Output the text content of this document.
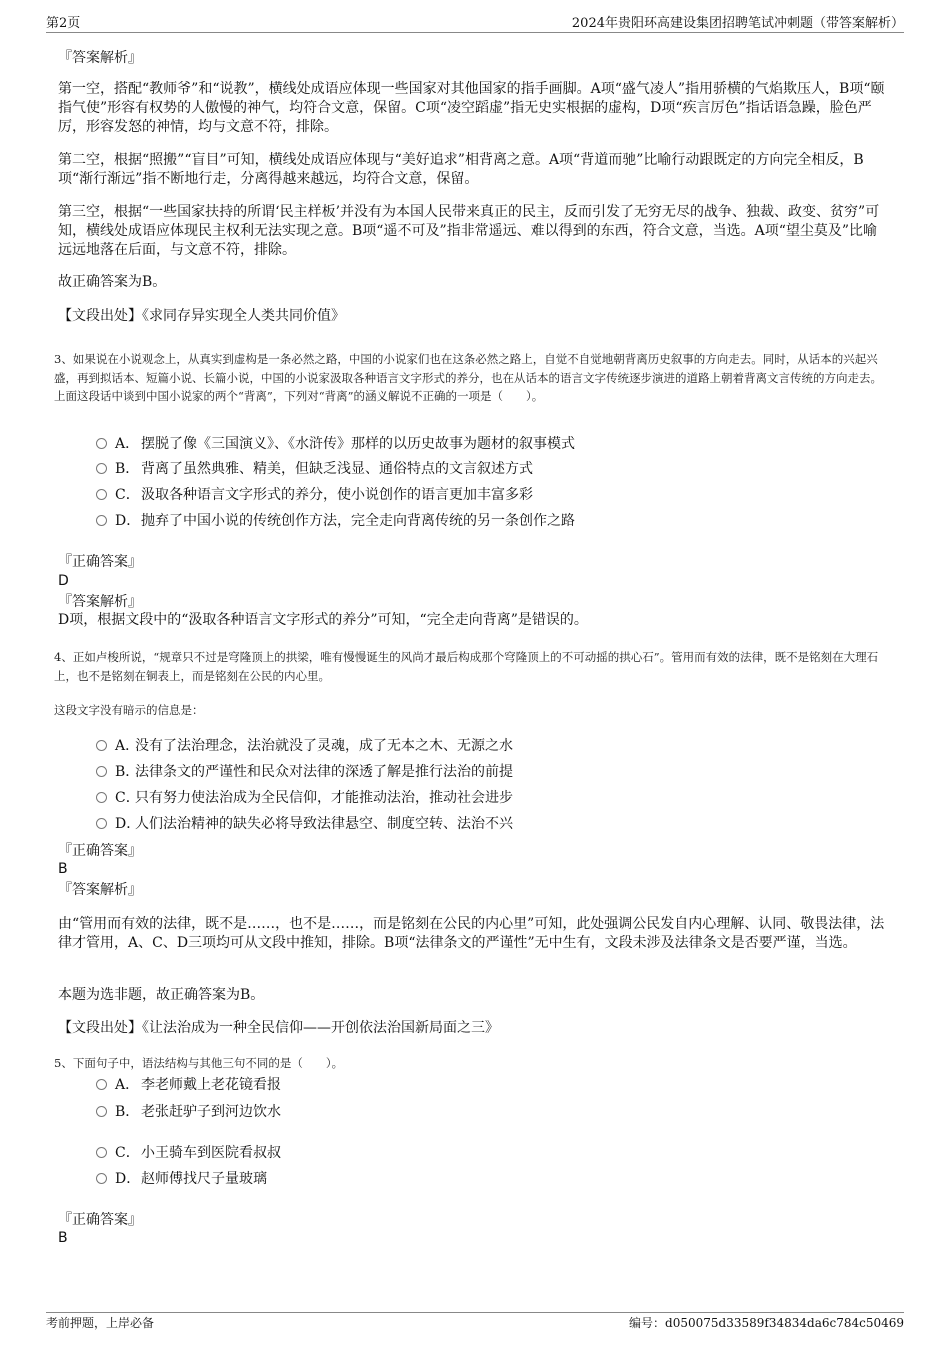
第2页	2024年贵阳环高建设集团招聘笔试冲刺题（带答案解析）

『答案解析』

第一空，搭配“教师爷”和“说教”，横线处成语应体现一些国家对其他国家的指手画脚。A项“盛气凌人”指用骄横的气焰欺压人，B项“颐指气使”形容有权势的人傲慢的神气，均符合文意，保留。C项“凌空蹈虚”指无史实根据的虚构，D项“疾言厉色”指话语急躁，脸色严厉，形容发怒的神情，均与文意不符，排除。

第二空，根据“照搬”“盲目”可知，横线处成语应体现与“美好追求”相背离之意。A项“背道而驰”比喻行动跟既定的方向完全相反，B项“渐行渐远”指不断地行走，分离得越来越远，均符合文意，保留。

第三空，根据“一些国家扶持的所谓‘民主样板’并没有为本国人民带来真正的民主，反而引发了无穷无尽的战争、独裁、政变、贫穷”可知，横线处成语应体现民主权利无法实现之意。B项“遥不可及”指非常遥远、难以得到的东西，符合文意，当选。A项“望尘莫及”比喻远远地落在后面，与文意不符，排除。

故正确答案为B。

【文段出处】《求同存异实现全人类共同价值》

3、如果说在小说观念上，从真实到虚构是一条必然之路，中国的小说家们也在这条必然之路上，自觉不自觉地朝背离历史叙事的方向走去。同时，从话本的兴起兴盛，再到拟话本、短篇小说、长篇小说，中国的小说家汲取各种语言文字形式的养分，也在从话本的语言文字传统逐步演进的道路上朝着背离文言传统的方向走去。

上面这段话中谈到中国小说家的两个“背离”，下列对“背离”的涵义解说不正确的一项是（　　）。

A． 摆脱了像《三国演义》、《水浒传》那样的以历史故事为题材的叙事模式
B． 背离了虽然典雅、精美，但缺乏浅显、通俗特点的文言叙述方式
C．汲取各种语言文字形式的养分，使小说创作的语言更加丰富多彩
D．抛弃了中国小说的传统创作方法，完全走向背离传统的另一条创作之路

『正确答案』

D

『答案解析』

D项，根据文段中的“汲取各种语言文字形式的养分”可知，“完全走向背离”是错误的。

4、正如卢梭所说，“规章只不过是穹隆顶上的拱梁，唯有慢慢诞生的风尚才最后构成那个穹隆顶上的不可动摇的拱心石”。管用而有效的法律，既不是铭刻在大理石上，也不是铭刻在铜表上，而是铭刻在公民的内心里。

这段文字没有暗示的信息是：

A．没有了法治理念，法治就没了灵魂，成了无本之木、无源之水
B．法律条文的严谨性和民众对法律的深透了解是推行法治的前提
C．只有努力使法治成为全民信仰，才能推动法治，推动社会进步
D．人们法治精神的缺失必将导致法律悬空、制度空转、法治不兴

『正确答案』

B

『答案解析』

由“管用而有效的法律，既不是……，也不是……，而是铭刻在公民的内心里”可知，此处强调公民发自内心理解、认同、敬畏法律，法律才管用，A、C、D三项均可从文段中推知，排除。B项“法律条文的严谨性”无中生有，文段未涉及法律条文是否要严谨，当选。

本题为选非题，故正确答案为B。

【文段出处】《让法治成为一种全民信仰——开创依法治国新局面之三》

5、下面句子中，语法结构与其他三句不同的是（　　）。

A． 李老师戴上老花镜看报
B． 老张赶驴子到河边饮水
C．小王骑车到医院看叔叔
D．赵师傅找尺子量玻璃

『正确答案』

B

考前押题，上岸必备	编号：d050075d33589f34834da6c784c50469
